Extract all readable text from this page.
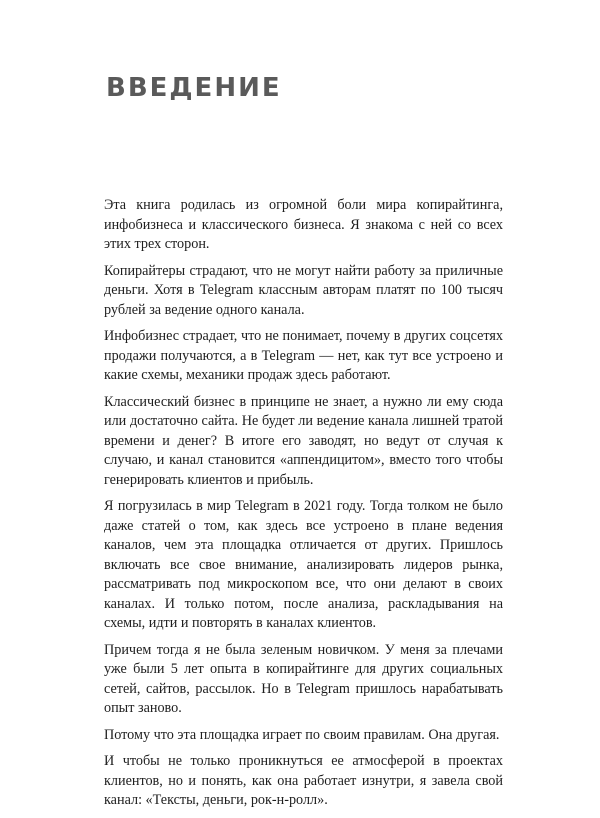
ВВЕДЕНИЕ

Эта книга родилась из огромной боли мира копирайтинга, инфобизнеса и классического бизнеса. Я знакома с ней со всех этих трех сторон.

Копирайтеры страдают, что не могут найти работу за приличные деньги. Хотя в Telegram классным авторам платят по 100 тысяч рублей за ведение одного канала.

Инфобизнес страдает, что не понимает, почему в других соцсетях продажи получаются, а в Telegram — нет, как тут все устроено и какие схемы, механики продаж здесь работают.

Классический бизнес в принципе не знает, а нужно ли ему сюда или достаточно сайта. Не будет ли ведение канала лишней тратой времени и денег? В итоге его заводят, но ведут от случая к случаю, и канал становится «аппендицитом», вместо того чтобы генерировать клиентов и прибыль.

Я погрузилась в мир Telegram в 2021 году. Тогда толком не было даже статей о том, как здесь все устроено в плане ведения каналов, чем эта площадка отличается от других. Пришлось включать все свое внимание, анализировать лидеров рынка, рассматривать под микроскопом все, что они делают в своих каналах. И только потом, после анализа, раскладывания на схемы, идти и повторять в каналах клиентов.

Причем тогда я не была зеленым новичком. У меня за плечами уже были 5 лет опыта в копирайтинге для других социальных сетей, сайтов, рассылок. Но в Telegram пришлось нарабатывать опыт заново.

Потому что эта площадка играет по своим правилам. Она другая.

И чтобы не только проникнуться ее атмосферой в проектах клиентов, но и понять, как она работает изнутри, я завела свой канал: «Тексты, деньги, рок-н-ролл».
